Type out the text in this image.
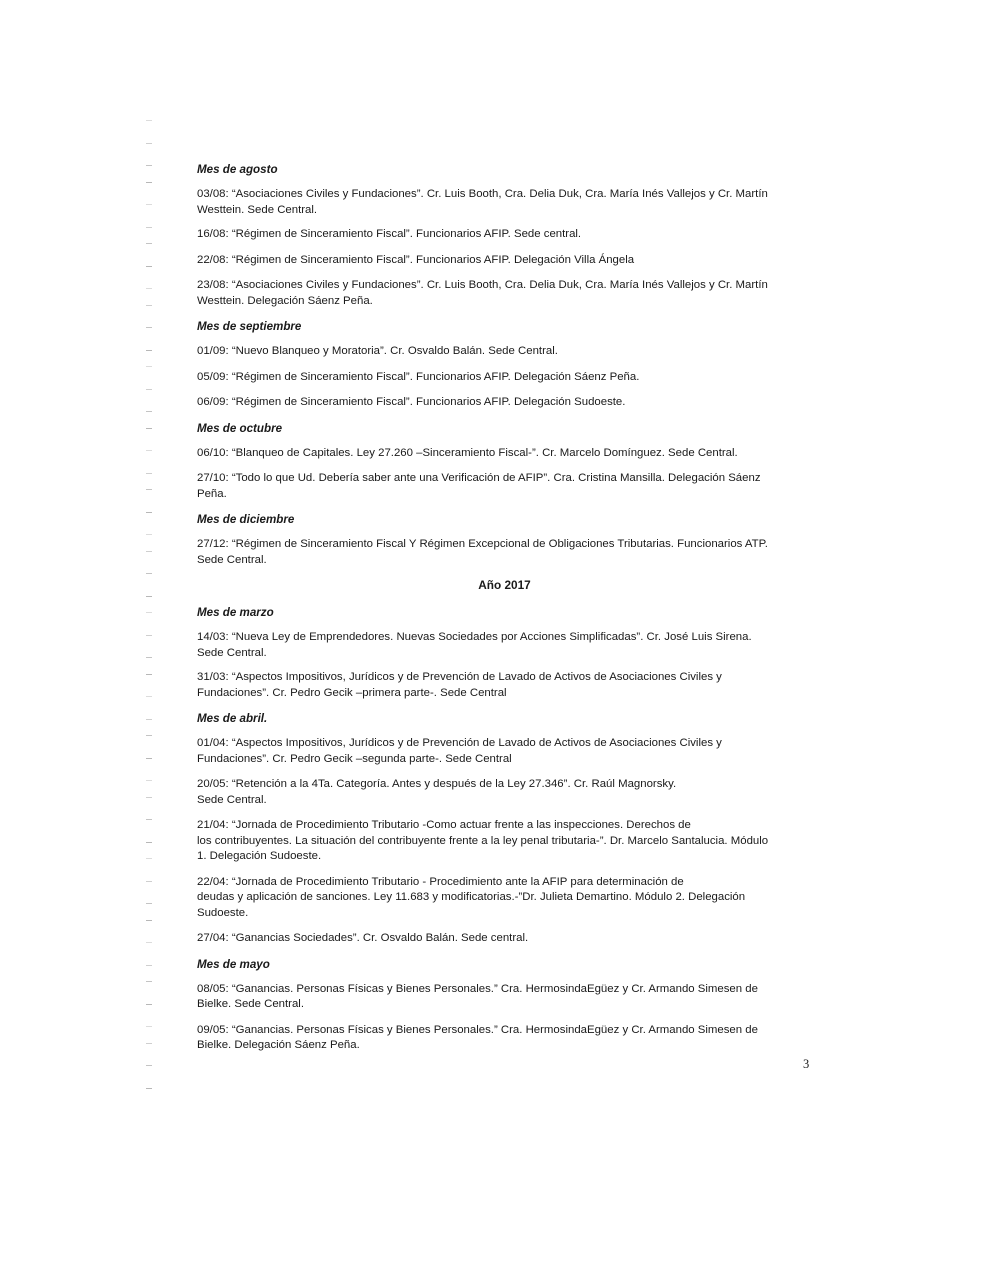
Mes de agosto

03/08: “Asociaciones Civiles y Fundaciones”. Cr. Luis Booth, Cra. Delia Duk, Cra. María Inés Vallejos y Cr. Martín
Westtein. Sede Central.

16/08: “Régimen de Sinceramiento Fiscal”. Funcionarios AFIP. Sede central.

22/08: “Régimen de Sinceramiento Fiscal”. Funcionarios AFIP. Delegación Villa Ángela

23/08: “Asociaciones Civiles y Fundaciones”. Cr. Luis Booth, Cra. Delia Duk, Cra. María Inés Vallejos y Cr. Martín
Westtein. Delegación Sáenz Peña.

Mes de septiembre

01/09: “Nuevo Blanqueo y Moratoria”. Cr. Osvaldo Balán. Sede Central.

05/09: “Régimen de Sinceramiento Fiscal”. Funcionarios AFIP. Delegación Sáenz Peña.

06/09: “Régimen de Sinceramiento Fiscal”. Funcionarios AFIP. Delegación Sudoeste.

Mes de octubre

06/10: “Blanqueo de Capitales. Ley 27.260 –Sinceramiento Fiscal-”. Cr. Marcelo Domínguez. Sede Central.

27/10: “Todo lo que Ud. Debería saber ante una Verificación de AFIP”. Cra. Cristina Mansilla. Delegación Sáenz
Peña.

Mes de diciembre

27/12: “Régimen de Sinceramiento Fiscal Y Régimen Excepcional de Obligaciones Tributarias. Funcionarios ATP.
Sede Central.

Año 2017

Mes de marzo

14/03: “Nueva Ley de Emprendedores. Nuevas Sociedades por Acciones Simplificadas”. Cr. José Luis Sirena.
Sede Central.

31/03: “Aspectos Impositivos, Jurídicos y de Prevención de Lavado de Activos de Asociaciones Civiles y
Fundaciones”. Cr. Pedro Gecik –primera parte-. Sede Central

Mes de abril.

01/04: “Aspectos Impositivos, Jurídicos y de Prevención de Lavado de Activos de Asociaciones Civiles y
Fundaciones”. Cr. Pedro Gecik –segunda parte-. Sede Central

20/05: “Retención a la 4Ta. Categoría. Antes y después de la Ley 27.346”. Cr. Raúl Magnorsky.
Sede Central.

21/04: “Jornada de Procedimiento Tributario -Como actuar frente a las inspecciones. Derechos de
los contribuyentes. La situación del contribuyente frente a la ley penal tributaria-”. Dr. Marcelo Santalucia. Módulo
1. Delegación Sudoeste.

22/04: “Jornada de Procedimiento Tributario - Procedimiento ante la AFIP para determinación de
deudas y aplicación de sanciones. Ley 11.683 y modificatorias.-”Dr. Julieta Demartino. Módulo 2. Delegación
Sudoeste.

27/04: “Ganancias Sociedades”. Cr. Osvaldo Balán. Sede central.

Mes de mayo

08/05: “Ganancias. Personas Físicas y Bienes Personales.” Cra. HermosindaEgüez y Cr. Armando Simesen de
Bielke. Sede Central.

09/05: “Ganancias. Personas Físicas y Bienes Personales.” Cra. HermosindaEgüez y Cr. Armando Simesen de
Bielke. Delegación Sáenz Peña.

3
